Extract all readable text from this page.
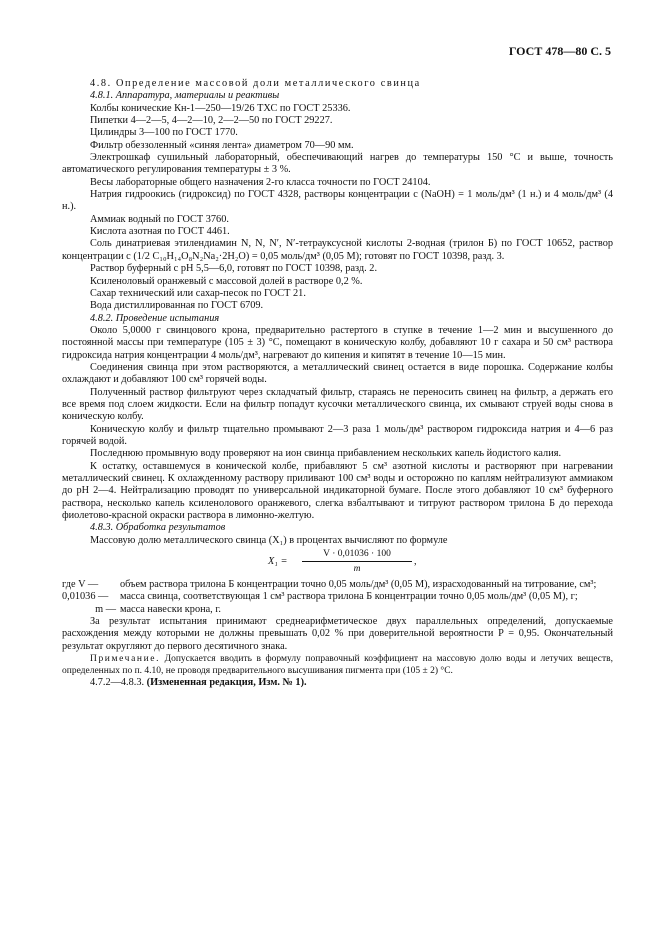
ГОСТ 478—80 С. 5

4.8. Определение массовой доли металлического свинца

4.8.1. Аппаратура, материалы и реактивы

Колбы конические Кн-1—250—19/26 ТХС по ГОСТ 25336.

Пипетки 4—2—5, 4—2—10, 2—2—50 по ГОСТ 29227.

Цилиндры 3—100 по ГОСТ 1770.

Фильтр обеззоленный «синяя лента» диаметром 70—90 мм.

Электрошкаф сушильный лабораторный, обеспечивающий нагрев до температуры 150 °С и выше, точность автоматического регулирования температуры ± 3 %.

Весы лабораторные общего назначения 2-го класса точности по ГОСТ 24104.

Натрия гидроокись (гидроксид) по ГОСТ 4328, растворы концентрации c (NaOH) = 1 моль/дм³ (1 н.) и 4 моль/дм³ (4 н.).

Аммиак водный по ГОСТ 3760.

Кислота азотная по ГОСТ 4461.

Соль динатриевая этилендиамин N, N, N′, N′-тетрауксусной кислоты 2-водная (трилон Б) по ГОСТ 10652, раствор концентрации c (1/2 C₁₀H₁₄O₈N₂Na₂·2H₂O) = 0,05 моль/дм³ (0,05 М); готовят по ГОСТ 10398, разд. 3.

Раствор буферный с pH 5,5—6,0, готовят по ГОСТ 10398, разд. 2.

Ксиленоловый оранжевый с массовой долей в растворе 0,2 %.

Сахар технический или сахар-песок по ГОСТ 21.

Вода дистиллированная по ГОСТ 6709.

4.8.2. Проведение испытания

Около 5,0000 г свинцового крона, предварительно растертого в ступке в течение 1—2 мин и высушенного до постоянной массы при температуре (105 ± 3) °С, помещают в коническую колбу, добавляют 10 г сахара и 50 см³ раствора гидроксида натрия концентрации 4 моль/дм³, нагревают до кипения и кипятят в течение 10—15 мин.

Соединения свинца при этом растворяются, а металлический свинец остается в виде порошка. Содержание колбы охлаждают и добавляют 100 см³ горячей воды.

Полученный раствор фильтруют через складчатый фильтр, стараясь не переносить свинец на фильтр, а держать его все время под слоем жидкости. Если на фильтр попадут кусочки металлического свинца, их смывают струей воды снова в коническую колбу.

Коническую колбу и фильтр тщательно промывают 2—3 раза 1 моль/дм³ раствором гидроксида натрия и 4—6 раз горячей водой.

Последнюю промывную воду проверяют на ион свинца прибавлением нескольких капель йодистого калия.

К остатку, оставшемуся в конической колбе, прибавляют 5 см³ азотной кислоты и растворяют при нагревании металлический свинец. К охлажденному раствору приливают 100 см³ воды и осторожно по каплям нейтрализуют аммиаком до pH 2—4. Нейтрализацию проводят по универсальной индикаторной бумаге. После этого добавляют 10 см³ буферного раствора, несколько капель ксиленолового оранжевого, слегка взбалтывают и титруют раствором трилона Б до перехода фиолетово-красной окраски раствора в лимонно-желтую.

4.8.3. Обработка результатов

Массовую долю металлического свинца (X₁) в процентах вычисляют по формуле

$X_1 = \frac{V \cdot 0,01036 \cdot 100}{m}$ ,
где V —	объем раствора трилона Б концентрации точно 0,05 моль/дм³ (0,05 М), израсходованный на титрование, см³;
0,01036 —	масса свинца, соответствующая 1 см³ раствора трилона Б концентрации точно 0,05 моль/дм³ (0,05 М), г;
m — масса навески крона, г.

За результат испытания принимают среднеарифметическое двух параллельных определений, допускаемые расхождения между которыми не должны превышать 0,02 % при доверительной вероятности P = 0,95. Окончательный результат округляют до первого десятичного знака.

Примечание. Допускается вводить в формулу поправочный коэффициент на массовую долю воды и летучих веществ, определенных по п. 4.10, не проводя предварительного высушивания пигмента при (105 ± 2) °С.

4.7.2—4.8.3. (Измененная редакция, Изм. № 1).
